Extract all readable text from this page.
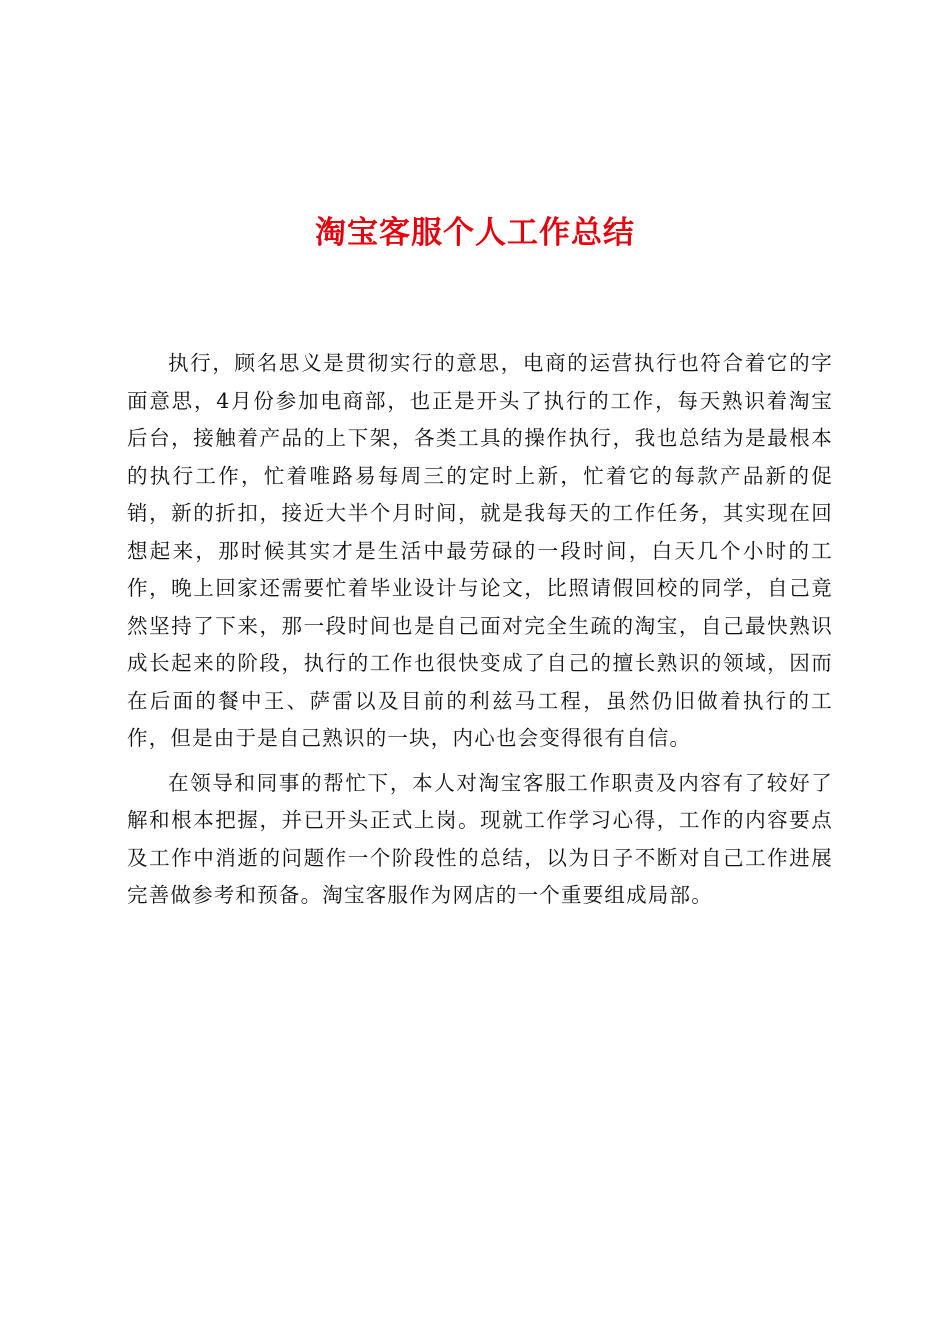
淘宝客服个人工作总结

执行，顾名思义是贯彻实行的意思，电商的运营执行也符合着它的字面意思，4月份参加电商部，也正是开头了执行的工作，每天熟识着淘宝后台，接触着产品的上下架，各类工具的操作执行，我也总结为是最根本的执行工作，忙着唯路易每周三的定时上新，忙着它的每款产品新的促销，新的折扣，接近大半个月时间，就是我每天的工作任务，其实现在回想起来，那时候其实才是生活中最劳碌的一段时间，白天几个小时的工作，晚上回家还需要忙着毕业设计与论文，比照请假回校的同学，自己竟然坚持了下来，那一段时间也是自己面对完全生疏的淘宝，自己最快熟识成长起来的阶段，执行的工作也很快变成了自己的擅长熟识的领域，因而在后面的餐中王、萨雷以及目前的利兹马工程，虽然仍旧做着执行的工作，但是由于是自己熟识的一块，内心也会变得很有自信。

在领导和同事的帮忙下，本人对淘宝客服工作职责及内容有了较好了解和根本把握，并已开头正式上岗。现就工作学习心得，工作的内容要点及工作中消逝的问题作一个阶段性的总结，以为日子不断对自己工作进展完善做参考和预备。淘宝客服作为网店的一个重要组成局部。
